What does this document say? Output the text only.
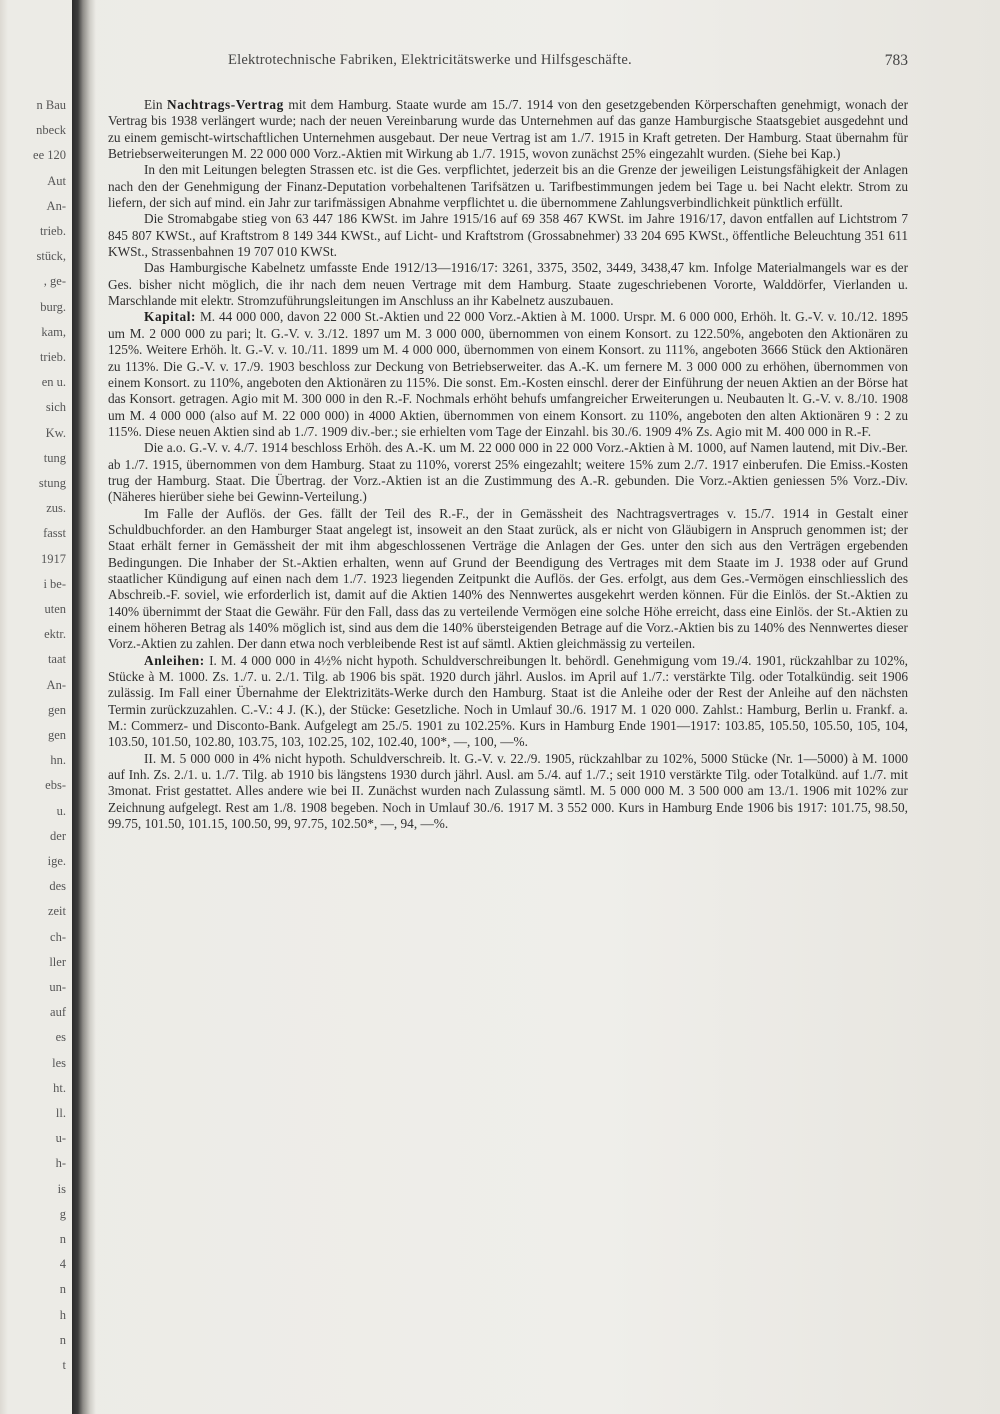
n Bau
nbeck
ee 120
Aut
An-
trieb.
stück,
, ge-
burg.
kam,
trieb.
en u.
sich
Kw.
tung
stung
zus.
fasst
1917
i be-
uten
ektr.
taat
An-
gen
gen
hn.
ebs-
u.
der
ige.
des
zeit
ch-
ller
un-
auf
es
les
ht.
ll.
u-
h-
is
g
n
4
n
h
n
t
Elektrotechnische Fabriken, Elektricitätswerke und Hilfsgeschäfte.	783

Ein Nachtrags-Vertrag mit dem Hamburg. Staate wurde am 15./7. 1914 von den gesetzgebenden Körperschaften genehmigt, wonach der Vertrag bis 1938 verlängert wurde; nach der neuen Vereinbarung wurde das Unternehmen auf das ganze Hamburgische Staatsgebiet ausgedehnt und zu einem gemischt-wirtschaftlichen Unternehmen ausgebaut. Der neue Vertrag ist am 1./7. 1915 in Kraft getreten. Der Hamburg. Staat übernahm für Betriebserweiterungen M. 22 000 000 Vorz.-Aktien mit Wirkung ab 1./7. 1915, wovon zunächst 25% eingezahlt wurden. (Siehe bei Kap.)

In den mit Leitungen belegten Strassen etc. ist die Ges. verpflichtet, jederzeit bis an die Grenze der jeweiligen Leistungsfähigkeit der Anlagen nach den der Genehmigung der Finanz-Deputation vorbehaltenen Tarifsätzen u. Tarifbestimmungen jedem bei Tage u. bei Nacht elektr. Strom zu liefern, der sich auf mind. ein Jahr zur tarifmässigen Abnahme verpflichtet u. die übernommene Zahlungsverbindlichkeit pünktlich erfüllt.

Die Stromabgabe stieg von 63 447 186 KWSt. im Jahre 1915/16 auf 69 358 467 KWSt. im Jahre 1916/17, davon entfallen auf Lichtstrom 7 845 807 KWSt., auf Kraftstrom 8 149 344 KWSt., auf Licht- und Kraftstrom (Grossabnehmer) 33 204 695 KWSt., öffentliche Beleuchtung 351 611 KWSt., Strassenbahnen 19 707 010 KWSt.

Das Hamburgische Kabelnetz umfasste Ende 1912/13—1916/17: 3261, 3375, 3502, 3449, 3438,47 km. Infolge Materialmangels war es der Ges. bisher nicht möglich, die ihr nach dem neuen Vertrage mit dem Hamburg. Staate zugeschriebenen Vororte, Walddörfer, Vierlanden u. Marschlande mit elektr. Stromzuführungsleitungen im Anschluss an ihr Kabelnetz auszubauen.

Kapital: M. 44 000 000, davon 22 000 St.-Aktien und 22 000 Vorz.-Aktien à M. 1000. Urspr. M. 6 000 000, Erhöh. lt. G.-V. v. 10./12. 1895 um M. 2 000 000 zu pari; lt. G.-V. v. 3./12. 1897 um M. 3 000 000, übernommen von einem Konsort. zu 122.50%, angeboten den Aktionären zu 125%. Weitere Erhöh. lt. G.-V. v. 10./11. 1899 um M. 4 000 000, übernommen von einem Konsort. zu 111%, angeboten 3666 Stück den Aktionären zu 113%. Die G.-V. v. 17./9. 1903 beschloss zur Deckung von Betriebserweiter. das A.-K. um fernere M. 3 000 000 zu erhöhen, übernommen von einem Konsort. zu 110%, angeboten den Aktionären zu 115%. Die sonst. Em.-Kosten einschl. derer der Einführung der neuen Aktien an der Börse hat das Konsort. getragen. Agio mit M. 300 000 in den R.-F. Nochmals erhöht behufs umfangreicher Erweiterungen u. Neubauten lt. G.-V. v. 8./10. 1908 um M. 4 000 000 (also auf M. 22 000 000) in 4000 Aktien, übernommen von einem Konsort. zu 110%, angeboten den alten Aktionären 9 : 2 zu 115%. Diese neuen Aktien sind ab 1./7. 1909 div.-ber.; sie erhielten vom Tage der Einzahl. bis 30./6. 1909 4% Zs. Agio mit M. 400 000 in R.-F.

Die a.o. G.-V. v. 4./7. 1914 beschloss Erhöh. des A.-K. um M. 22 000 000 in 22 000 Vorz.-Aktien à M. 1000, auf Namen lautend, mit Div.-Ber. ab 1./7. 1915, übernommen von dem Hamburg. Staat zu 110%, vorerst 25% eingezahlt; weitere 15% zum 2./7. 1917 einberufen. Die Emiss.-Kosten trug der Hamburg. Staat. Die Übertrag. der Vorz.-Aktien ist an die Zustimmung des A.-R. gebunden. Die Vorz.-Aktien geniessen 5% Vorz.-Div. (Näheres hierüber siehe bei Gewinn-Verteilung.)

Im Falle der Auflös. der Ges. fällt der Teil des R.-F., der in Gemässheit des Nachtragsvertrages v. 15./7. 1914 in Gestalt einer Schuldbuchforder. an den Hamburger Staat angelegt ist, insoweit an den Staat zurück, als er nicht von Gläubigern in Anspruch genommen ist; der Staat erhält ferner in Gemässheit der mit ihm abgeschlossenen Verträge die Anlagen der Ges. unter den sich aus den Verträgen ergebenden Bedingungen. Die Inhaber der St.-Aktien erhalten, wenn auf Grund der Beendigung des Vertrages mit dem Staate im J. 1938 oder auf Grund staatlicher Kündigung auf einen nach dem 1./7. 1923 liegenden Zeitpunkt die Auflös. der Ges. erfolgt, aus dem Ges.-Vermögen einschliesslich des Abschreib.-F. soviel, wie erforderlich ist, damit auf die Aktien 140% des Nennwertes ausgekehrt werden können. Für die Einlös. der St.-Aktien zu 140% übernimmt der Staat die Gewähr. Für den Fall, dass das zu verteilende Vermögen eine solche Höhe erreicht, dass eine Einlös. der St.-Aktien zu einem höheren Betrag als 140% möglich ist, sind aus dem die 140% übersteigenden Betrage auf die Vorz.-Aktien bis zu 140% des Nennwertes dieser Vorz.-Aktien zu zahlen. Der dann etwa noch verbleibende Rest ist auf sämtl. Aktien gleichmässig zu verteilen.

Anleihen: I. M. 4 000 000 in 4½% nicht hypoth. Schuldverschreibungen lt. behördl. Genehmigung vom 19./4. 1901, rückzahlbar zu 102%, Stücke à M. 1000. Zs. 1./7. u. 2./1. Tilg. ab 1906 bis spät. 1920 durch jährl. Auslos. im April auf 1./7.: verstärkte Tilg. oder Totalkündig. seit 1906 zulässig. Im Fall einer Übernahme der Elektrizitäts-Werke durch den Hamburg. Staat ist die Anleihe oder der Rest der Anleihe auf den nächsten Termin zurückzuzahlen. C.-V.: 4 J. (K.), der Stücke: Gesetzliche. Noch in Umlauf 30./6. 1917 M. 1 020 000. Zahlst.: Hamburg, Berlin u. Frankf. a. M.: Commerz- und Disconto-Bank. Aufgelegt am 25./5. 1901 zu 102.25%. Kurs in Hamburg Ende 1901—1917: 103.85, 105.50, 105.50, 105, 104, 103.50, 101.50, 102.80, 103.75, 103, 102.25, 102, 102.40, 100*, —, 100, —%.

II. M. 5 000 000 in 4% nicht hypoth. Schuldverschreib. lt. G.-V. v. 22./9. 1905, rückzahlbar zu 102%, 5000 Stücke (Nr. 1—5000) à M. 1000 auf Inh. Zs. 2./1. u. 1./7. Tilg. ab 1910 bis längstens 1930 durch jährl. Ausl. am 5./4. auf 1./7.; seit 1910 verstärkte Tilg. oder Totalkünd. auf 1./7. mit 3monat. Frist gestattet. Alles andere wie bei II. Zunächst wurden nach Zulassung sämtl. M. 5 000 000 M. 3 500 000 am 13./1. 1906 mit 102% zur Zeichnung aufgelegt. Rest am 1./8. 1908 begeben. Noch in Umlauf 30./6. 1917 M. 3 552 000. Kurs in Hamburg Ende 1906 bis 1917: 101.75, 98.50, 99.75, 101.50, 101.15, 100.50, 99, 97.75, 102.50*, —, 94, —%.
